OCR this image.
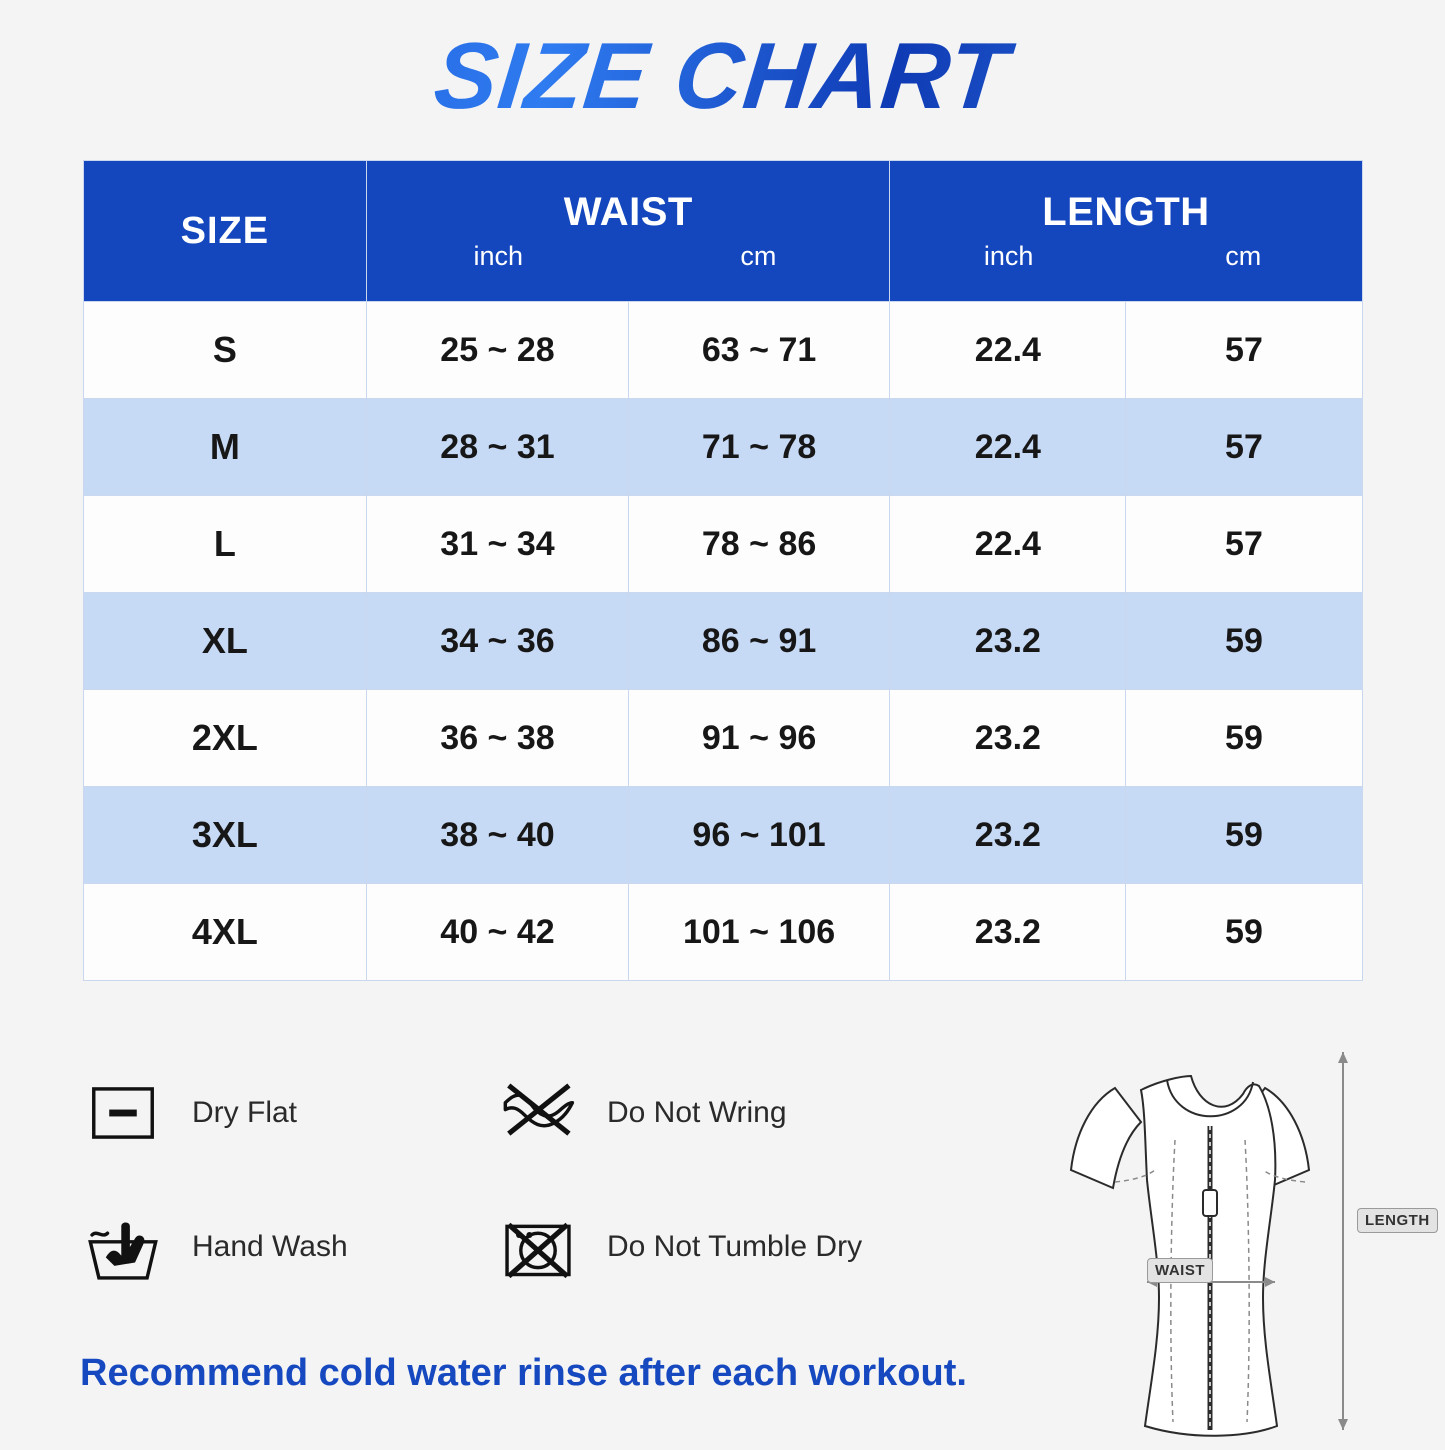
SIZE CHART
SIZE	WAIST
inch	cm

LENGTH
inch	cm

S	25 ~ 28	63 ~ 71	22.4	57
M	28 ~ 31	71 ~ 78	22.4	57
L	31 ~ 34	78 ~ 86	22.4	57
XL	34 ~ 36	86 ~ 91	23.2	59
2XL	36 ~ 38	91 ~ 96	23.2	59
3XL	38 ~ 40	96 ~ 101	23.2	59
4XL	40 ~ 42	101 ~ 106	23.2	59
Dry Flat	Do Not Wring
Hand Wash	Do Not Tumble Dry
Recommend cold water rinse after each workout.
WAIST
LENGTH
